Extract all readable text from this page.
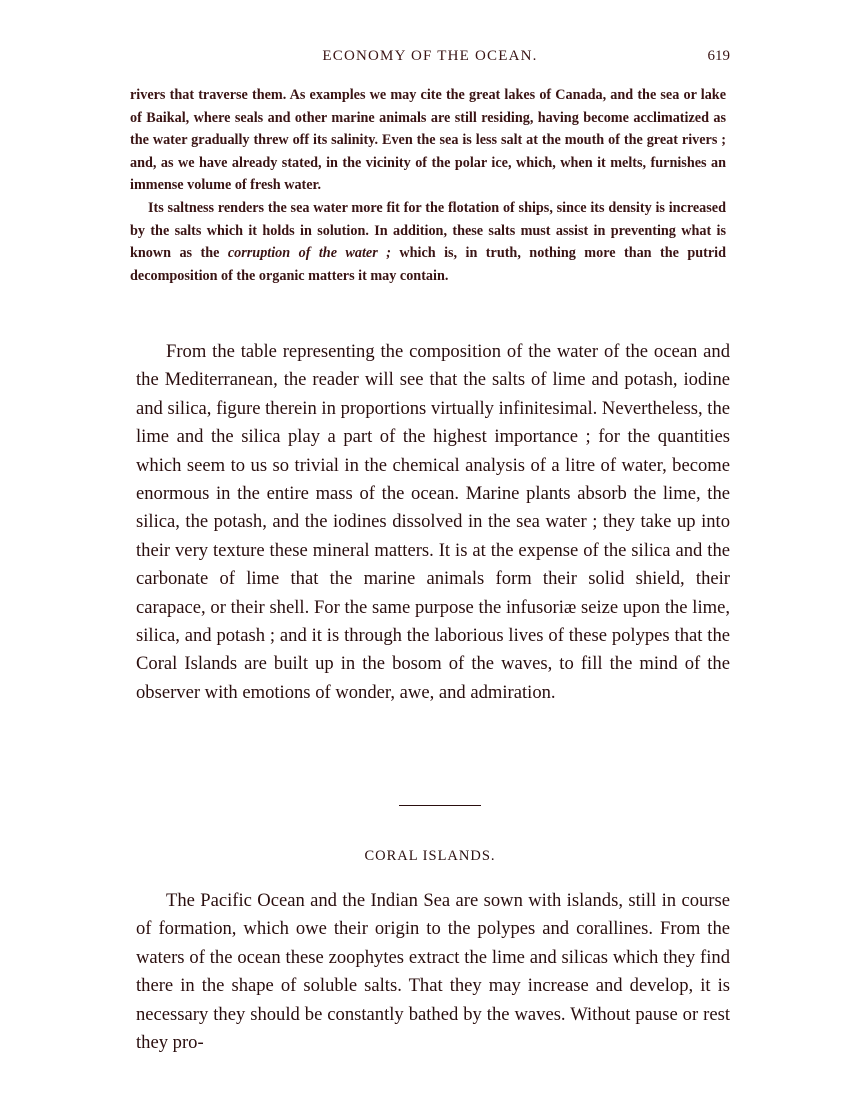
ECONOMY OF THE OCEAN.	619

rivers that traverse them. As examples we may cite the great lakes of Canada, and the sea or lake of Baikal, where seals and other marine animals are still residing, having become acclimatized as the water gradually threw off its salinity. Even the sea is less salt at the mouth of the great rivers ; and, as we have already stated, in the vicinity of the polar ice, which, when it melts, furnishes an immense volume of fresh water.

Its saltness renders the sea water more fit for the flotation of ships, since its density is increased by the salts which it holds in solution. In addition, these salts must assist in preventing what is known as the corruption of the water ; which is, in truth, nothing more than the putrid decomposition of the organic matters it may contain.

From the table representing the composition of the water of the ocean and the Mediterranean, the reader will see that the salts of lime and potash, iodine and silica, figure therein in proportions virtually infinitesimal. Nevertheless, the lime and the silica play a part of the highest importance ; for the quantities which seem to us so trivial in the chemical analysis of a litre of water, become enormous in the entire mass of the ocean. Marine plants absorb the lime, the silica, the potash, and the iodines dissolved in the sea water ; they take up into their very texture these mineral matters. It is at the expense of the silica and the carbonate of lime that the marine animals form their solid shield, their carapace, or their shell. For the same purpose the infusoriæ seize upon the lime, silica, and potash ; and it is through the laborious lives of these polypes that the Coral Islands are built up in the bosom of the waves, to fill the mind of the observer with emotions of wonder, awe, and admiration.

CORAL ISLANDS.

The Pacific Ocean and the Indian Sea are sown with islands, still in course of formation, which owe their origin to the polypes and corallines. From the waters of the ocean these zoophytes extract the lime and silicas which they find there in the shape of soluble salts. That they may increase and develop, it is necessary they should be constantly bathed by the waves. Without pause or rest they pro-
